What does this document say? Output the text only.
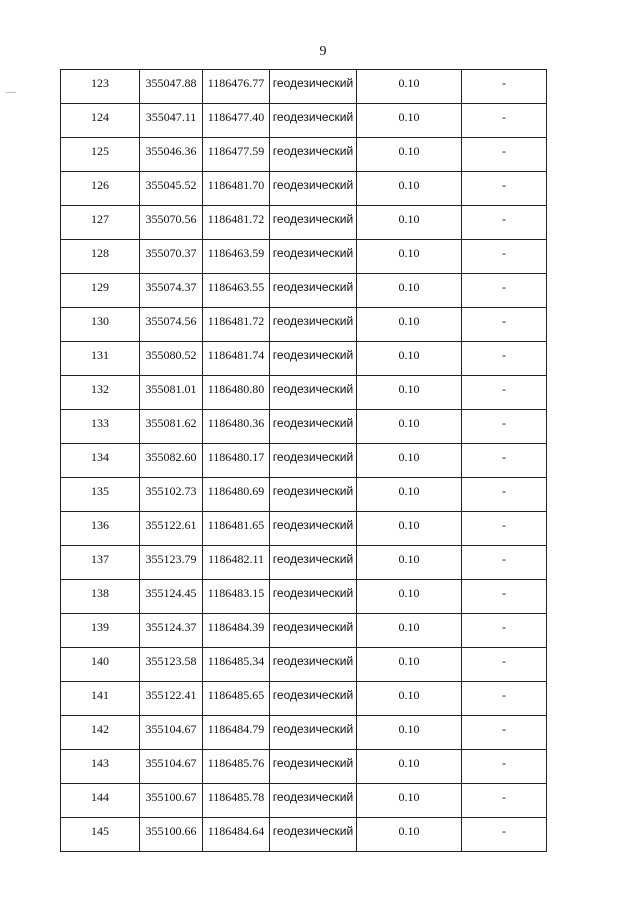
9
123	355047.88	1186476.77	геодезический	0.10	-
124	355047.11	1186477.40	геодезический	0.10	-
125	355046.36	1186477.59	геодезический	0.10	-
126	355045.52	1186481.70	геодезический	0.10	-
127	355070.56	1186481.72	геодезический	0.10	-
128	355070.37	1186463.59	геодезический	0.10	-
129	355074.37	1186463.55	геодезический	0.10	-
130	355074.56	1186481.72	геодезический	0.10	-
131	355080.52	1186481.74	геодезический	0.10	-
132	355081.01	1186480.80	геодезический	0.10	-
133	355081.62	1186480.36	геодезический	0.10	-
134	355082.60	1186480.17	геодезический	0.10	-
135	355102.73	1186480.69	геодезический	0.10	-
136	355122.61	1186481.65	геодезический	0.10	-
137	355123.79	1186482.11	геодезический	0.10	-
138	355124.45	1186483.15	геодезический	0.10	-
139	355124.37	1186484.39	геодезический	0.10	-
140	355123.58	1186485.34	геодезический	0.10	-
141	355122.41	1186485.65	геодезический	0.10	-
142	355104.67	1186484.79	геодезический	0.10	-
143	355104.67	1186485.76	геодезический	0.10	-
144	355100.67	1186485.78	геодезический	0.10	-
145	355100.66	1186484.64	геодезический	0.10	-
